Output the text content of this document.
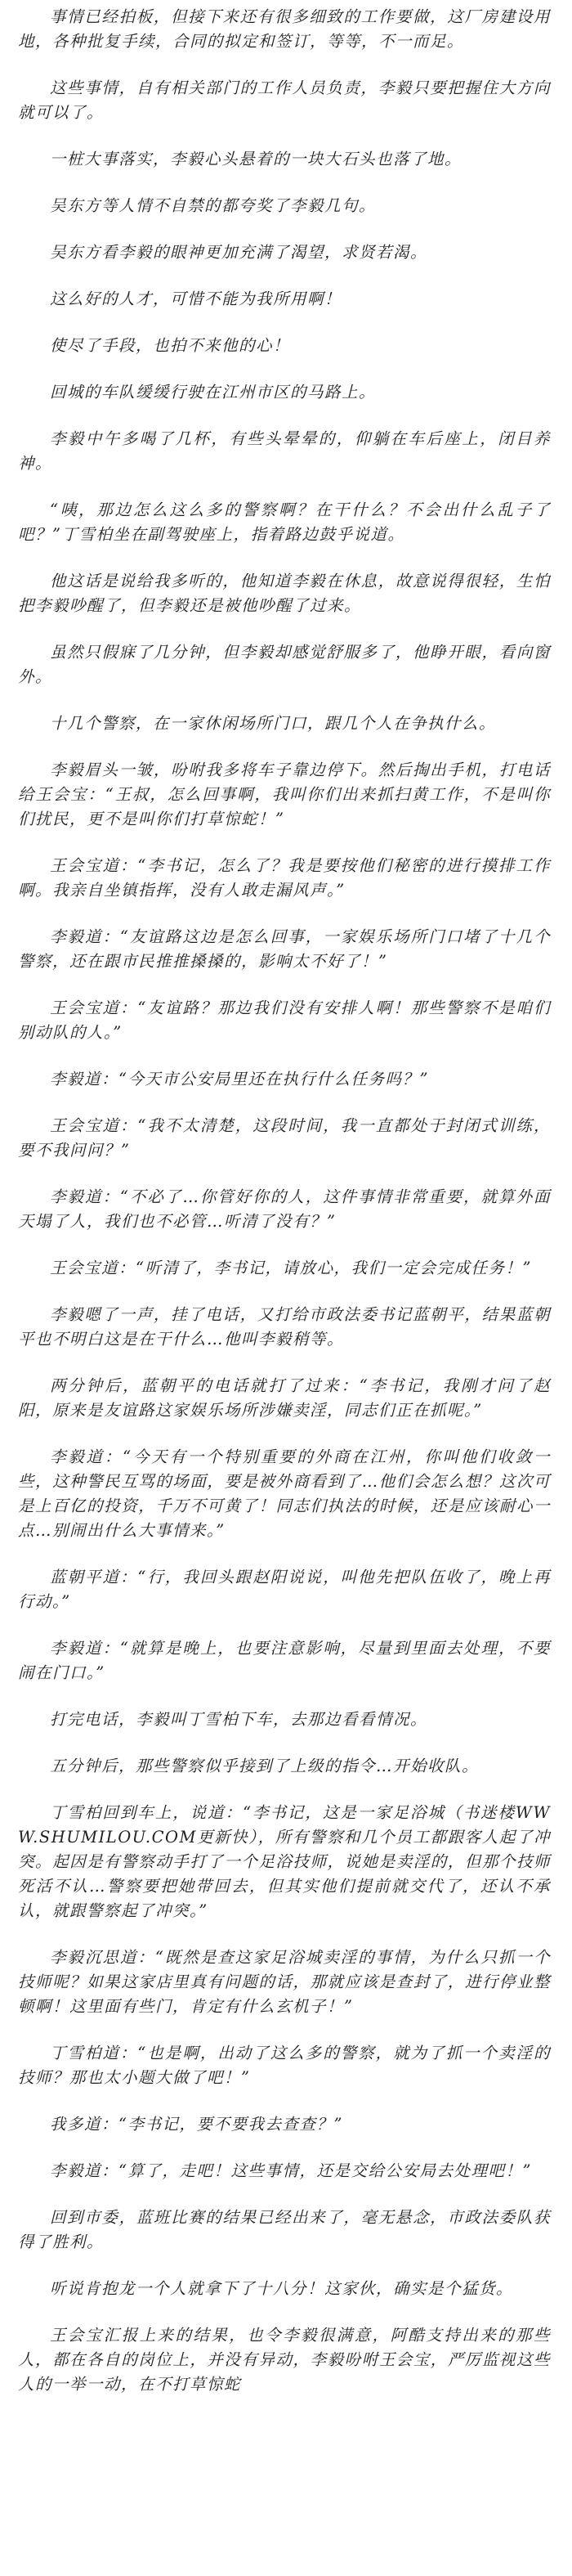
事情已经拍板，但接下来还有很多细致的工作要做，这厂房建设用地，各种批复手续，合同的拟定和签订，等等，不一而足。

这些事情，自有相关部门的工作人员负责，李毅只要把握住大方向就可以了。

一桩大事落实，李毅心头悬着的一块大石头也落了地。

吴东方等人情不自禁的都夸奖了李毅几句。

吴东方看李毅的眼神更加充满了渴望，求贤若渴。

这么好的人才，可惜不能为我所用啊！

使尽了手段，也拍不来他的心！

回城的车队缓缓行驶在江州市区的马路上。

李毅中午多喝了几杯，有些头晕晕的，仰躺在车后座上，闭目养神。

“咦，那边怎么这么多的警察啊？在干什么？不会出什么乱子了吧？”丁雪柏坐在副驾驶座上，指着路边鼓乎说道。

他这话是说给我多听的，他知道李毅在休息，故意说得很轻，生怕把李毅吵醒了，但李毅还是被他吵醒了过来。

虽然只假寐了几分钟，但李毅却感觉舒服多了，他睁开眼，看向窗外。

十几个警察，在一家休闲场所门口，跟几个人在争执什么。

李毅眉头一皱，吩咐我多将车子靠边停下。然后掏出手机，打电话给王会宝：“王叔，怎么回事啊，我叫你们出来抓扫黄工作，不是叫你们扰民，更不是叫你们打草惊蛇！”

王会宝道：“李书记，怎么了？我是要按他们秘密的进行摸排工作啊。我亲自坐镇指挥，没有人敢走漏风声。”

李毅道：“友谊路这边是怎么回事，一家娱乐场所门口堵了十几个警察，还在跟市民推推搡搡的，影响太不好了！”

王会宝道：“友谊路？那边我们没有安排人啊！那些警察不是咱们别动队的人。”

李毅道：“今天市公安局里还在执行什么任务吗？”

王会宝道：“我不太清楚，这段时间，我一直都处于封闭式训练，要不我问问？”

李毅道：“不必了…你管好你的人，这件事情非常重要，就算外面天塌了人，我们也不必管…听清了没有？”

王会宝道：“听清了，李书记，请放心，我们一定会完成任务！”

李毅嗯了一声，挂了电话，又打给市政法委书记蓝朝平，结果蓝朝平也不明白这是在干什么…他叫李毅稍等。

两分钟后，蓝朝平的电话就打了过来：“李书记，我刚才问了赵阳，原来是友谊路这家娱乐场所涉嫌卖淫，同志们正在抓呢。”

李毅道：“今天有一个特别重要的外商在江州，你叫他们收敛一些，这种警民互骂的场面，要是被外商看到了…他们会怎么想？这次可是上百亿的投资，千万不可黄了！同志们执法的时候，还是应该耐心一点…别闹出什么大事情来。”

蓝朝平道：“行，我回头跟赵阳说说，叫他先把队伍收了，晚上再行动。”

李毅道：“就算是晚上，也要注意影响，尽量到里面去处理，不要闹在门口。”

打完电话，李毅叫丁雪柏下车，去那边看看情况。

五分钟后，那些警察似乎接到了上级的指令…开始收队。

丁雪柏回到车上，说道：“李书记，这是一家足浴城（书迷楼WWW.SHUMILOU.COM更新快），所有警察和几个员工都跟客人起了冲突。起因是有警察动手打了一个足浴技师，说她是卖淫的，但那个技师死活不认…警察要把她带回去，但其实他们提前就交代了，还认不承认，就跟警察起了冲突。”

李毅沉思道：“既然是查这家足浴城卖淫的事情，为什么只抓一个技师呢？如果这家店里真有问题的话，那就应该是查封了，进行停业整顿啊！这里面有些门，肯定有什么玄机子！”

丁雪柏道：“也是啊，出动了这么多的警察，就为了抓一个卖淫的技师？那也太小题大做了吧！”

我多道：“李书记，要不要我去查查？”

李毅道：“算了，走吧！这些事情，还是交给公安局去处理吧！”

回到市委，蓝班比赛的结果已经出来了，毫无悬念，市政法委队获得了胜利。

听说肯抱龙一个人就拿下了十八分！这家伙，确实是个猛货。

王会宝汇报上来的结果，也令李毅很满意，阿酷支持出来的那些人，都在各自的岗位上，并没有异动，李毅吩咐王会宝，严厉监视这些人的一举一动，在不打草惊蛇
